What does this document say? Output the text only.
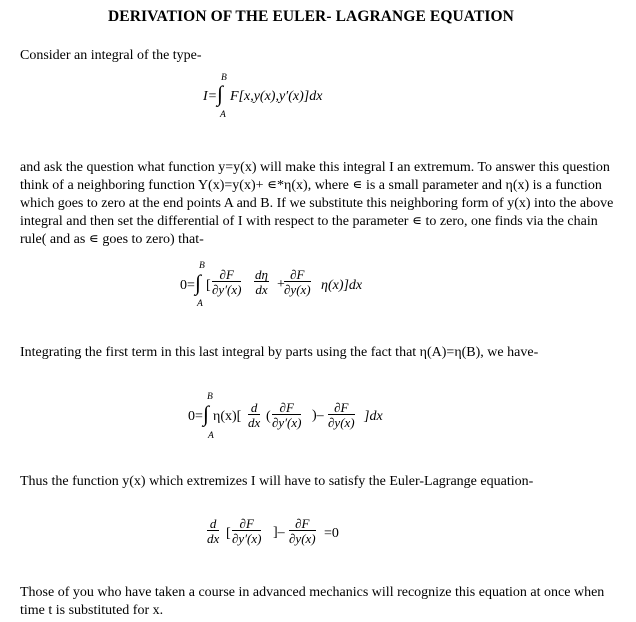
DERIVATION OF THE EULER- LAGRANGE EQUATION

Consider an integral of the type-

B
I= ∫
A
F[x,y(x),y′(x)]dx

and ask the question what function y=y(x) will make this integral I an extremum. To answer this question think of a neighboring function Y(x)=y(x)+ ∊*η(x), where ∊ is a small parameter and η(x) is a function which goes to zero at the end points A and B. If we substitute this neighboring form of y(x) into the above integral and then set the differential of I with respect to the parameter ∊ to zero, one finds via the chain rule( and as ∊ goes to zero) that-

B
0= ∫
A
[ $\frac{\partial F}{\partial y'(x)} \frac{d\eta}{dx} + \frac{\partial F}{\partial y(x)} \eta(x)]dx$

Integrating the first term in this last integral by parts using the fact that η(A)=η(B), we have-

B
0= ∫
A
$\eta(x)[ \frac{d}{dx}$ ( $\frac{\partial F}{\partial y'(x)}$ )– $\frac{\partial F}{\partial y(x)} ]dx$

Thus the function y(x) which extremizes I will have to satisfy the Euler-Lagrange equation-

$\frac{d}{dx}$ [ $\frac{\partial F}{\partial y'(x)}$ ]– $\frac{\partial F}{\partial y(x)} =0$

Those of you who have taken a course in advanced mechanics will recognize this equation at once when time t is substituted for x.
